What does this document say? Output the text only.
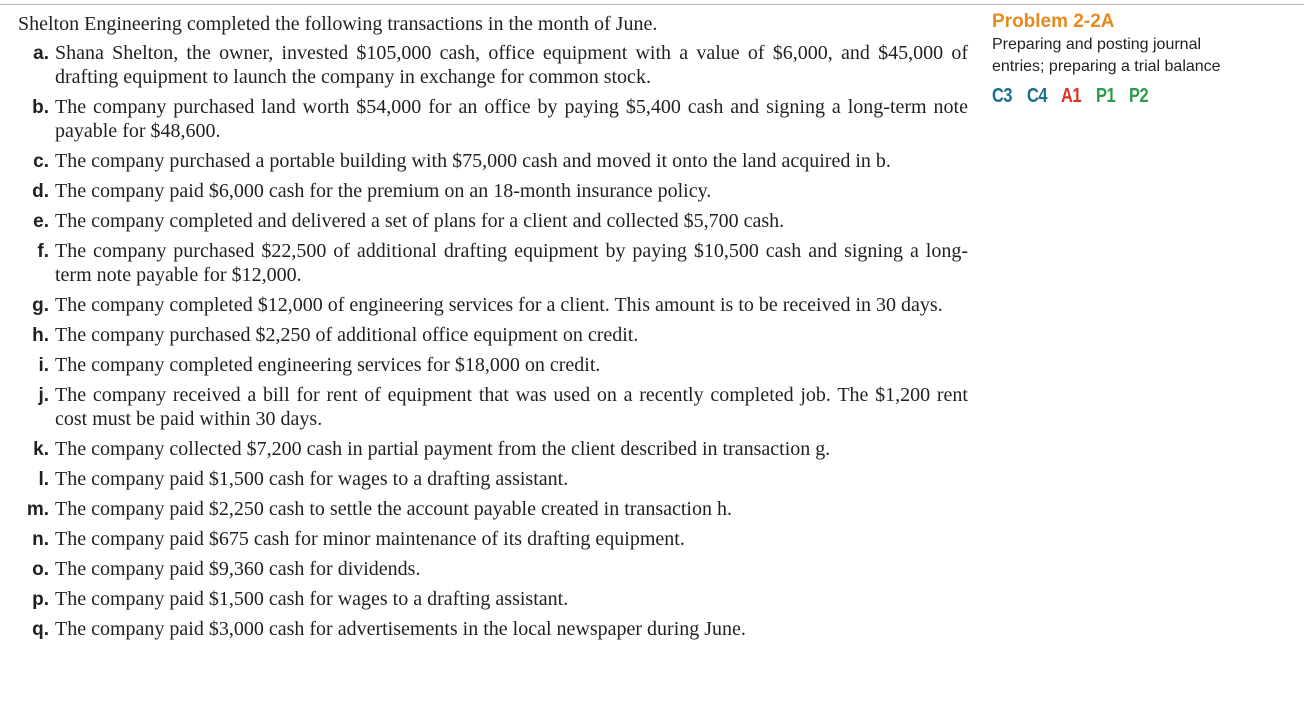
Shelton Engineering completed the following transactions in the month of June.

a. Shana Shelton, the owner, invested $105,000 cash, office equipment with a value of $6,000, and $45,000 of drafting equipment to launch the company in exchange for common stock.
b. The company purchased land worth $54,000 for an office by paying $5,400 cash and signing a long-term note payable for $48,600.
c. The company purchased a portable building with $75,000 cash and moved it onto the land acquired in b.
d. The company paid $6,000 cash for the premium on an 18-month insurance policy.
e. The company completed and delivered a set of plans for a client and collected $5,700 cash.
f. The company purchased $22,500 of additional drafting equipment by paying $10,500 cash and signing a long-term note payable for $12,000.
g. The company completed $12,000 of engineering services for a client. This amount is to be received in 30 days.
h. The company purchased $2,250 of additional office equipment on credit.
i. The company completed engineering services for $18,000 on credit.
j. The company received a bill for rent of equipment that was used on a recently completed job. The $1,200 rent cost must be paid within 30 days.
k. The company collected $7,200 cash in partial payment from the client described in transaction g.
l. The company paid $1,500 cash for wages to a drafting assistant.
m. The company paid $2,250 cash to settle the account payable created in transaction h.
n. The company paid $675 cash for minor maintenance of its drafting equipment.
o. The company paid $9,360 cash for dividends.
p. The company paid $1,500 cash for wages to a drafting assistant.
q. The company paid $3,000 cash for advertisements in the local newspaper during June.
Problem 2-2A
Preparing and posting journal
entries; preparing a trial balance
C3 C4 A1 P1 P2
